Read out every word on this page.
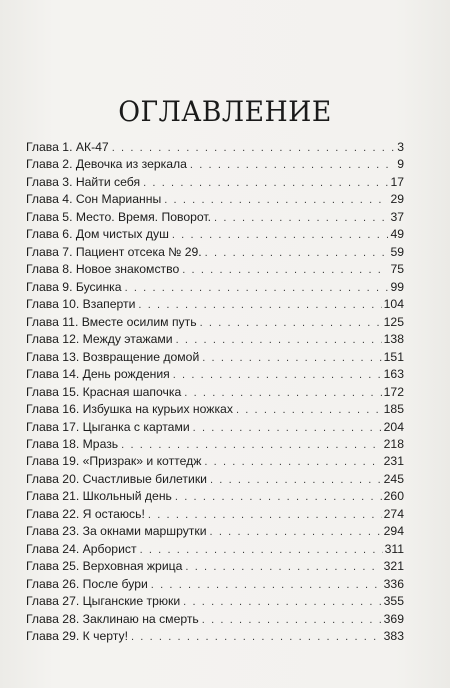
ОГЛАВЛЕНИЕ
Глава 1. АК-47 . . .	3
Глава 2. Девочка из зеркала . . .	9
Глава 3. Найти себя . . .	17
Глава 4. Сон Марианны . . .	29
Глава 5. Место. Время. Поворот. . . .	37
Глава 6. Дом чистых душ . . .	49
Глава 7. Пациент отсека № 29. . . .	59
Глава 8. Новое знакомство . . .	75
Глава 9. Бусинка . . .	99
Глава 10. Взаперти . . .	104
Глава 11. Вместе осилим путь . . .	125
Глава 12. Между этажами . . .	138
Глава 13. Возвращение домой . . .	151
Глава 14. День рождения . . .	163
Глава 15. Красная шапочка . . .	172
Глава 16. Избушка на курьих ножках . . .	185
Глава 17. Цыганка с картами . . .	204
Глава 18. Мразь . . .	218
Глава 19. «Призрак» и коттедж . . .	231
Глава 20. Счастливые билетики . . .	245
Глава 21. Школьный день . . .	260
Глава 22. Я остаюсь! . . .	274
Глава 23. За окнами маршрутки . . .	294
Глава 24. Арборист . . .	311
Глава 25. Верховная жрица . . .	321
Глава 26. После бури . . .	336
Глава 27. Цыганские трюки . . .	355
Глава 28. Заклинаю на смерть . . .	369
Глава 29. К черту! . . .	383
